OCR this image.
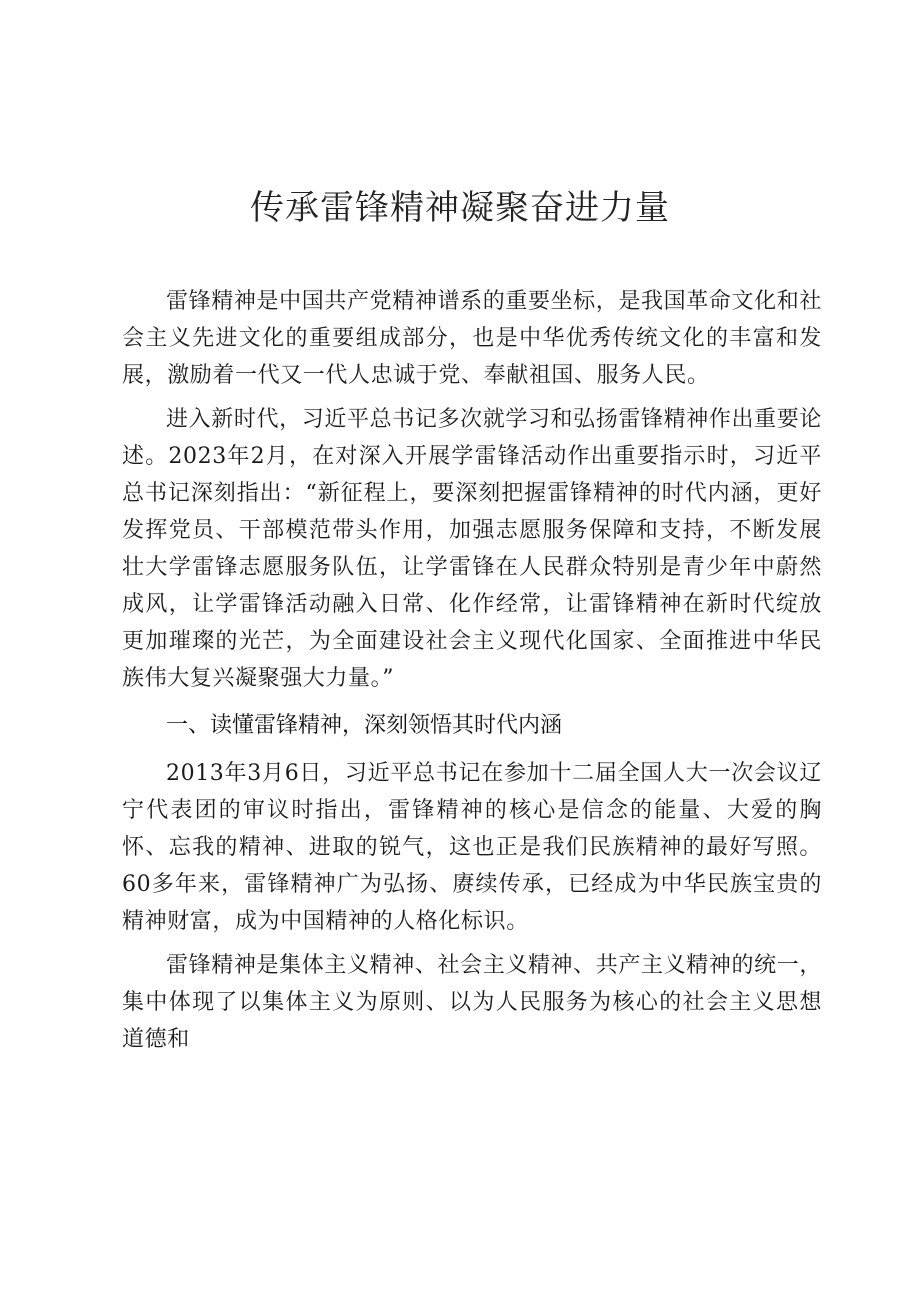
传承雷锋精神凝聚奋进力量

雷锋精神是中国共产党精神谱系的重要坐标，是我国革命文化和社会主义先进文化的重要组成部分，也是中华优秀传统文化的丰富和发展，激励着一代又一代人忠诚于党、奉献祖国、服务人民。

进入新时代，习近平总书记多次就学习和弘扬雷锋精神作出重要论述。2023年2月，在对深入开展学雷锋活动作出重要指示时，习近平总书记深刻指出：“新征程上，要深刻把握雷锋精神的时代内涵，更好发挥党员、干部模范带头作用，加强志愿服务保障和支持，不断发展壮大学雷锋志愿服务队伍，让学雷锋在人民群众特别是青少年中蔚然成风，让学雷锋活动融入日常、化作经常，让雷锋精神在新时代绽放更加璀璨的光芒，为全面建设社会主义现代化国家、全面推进中华民族伟大复兴凝聚强大力量。”

一、读懂雷锋精神，深刻领悟其时代内涵

2013年3月6日，习近平总书记在参加十二届全国人大一次会议辽宁代表团的审议时指出，雷锋精神的核心是信念的能量、大爱的胸怀、忘我的精神、进取的锐气，这也正是我们民族精神的最好写照。60多年来，雷锋精神广为弘扬、赓续传承，已经成为中华民族宝贵的精神财富，成为中国精神的人格化标识。

雷锋精神是集体主义精神、社会主义精神、共产主义精神的统一，集中体现了以集体主义为原则、以为人民服务为核心的社会主义思想道德和
